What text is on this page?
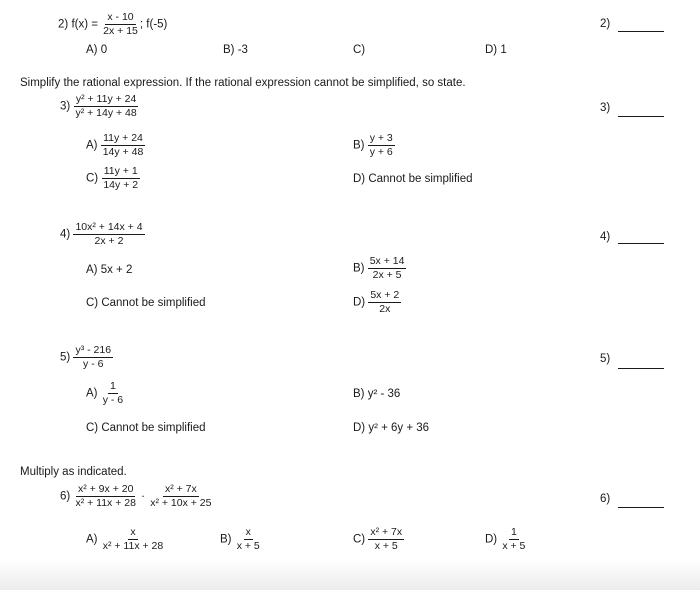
2) $f(x) = \frac{x - 10}{2x + 15}$ ; f(-5)
A) 0	B) -3	C)	D) 1
2)
Simplify the rational expression. If the rational expression cannot be simplified, so state.
$3) \frac{\text{y² + 11y + 24}}{\text{y² + 14y + 48}}$
$A) \frac{11y + 24}{14y + 48}$	$B) \frac{y + 3}{y + 6}$
$C) \frac{11y + 1}{14y + 2}$	D) Cannot be simplified
3)
$4) \frac{\text{10x² + 14x + 4}}{2x + 2}$
A) 5x + 2	$B) \frac{5x + 14}{2x + 5}$
C) Cannot be simplified	$D) \frac{5x + 2}{2x}$
4)
$5) \frac{\text{y³ - 216}}{y - 6}$
$A) \frac{1}{y - 6}$	B) y² - 36
C) Cannot be simplified	D) y² + 6y + 36
5)
Multiply as indicated.
$6) \frac{\text{x² + 9x + 20}}{\text{x² + 11x + 28}} \cdot \frac{\text{x² + 7x}}{\text{x² + 10x + 25}}$
$A) \frac{x}{\text{x² + 11x + 28}}$	$B) \frac{x}{x + 5}$	$C) \frac{\text{x² + 7x}}{x + 5}$	$D) \frac{1}{x + 5}$
6)
